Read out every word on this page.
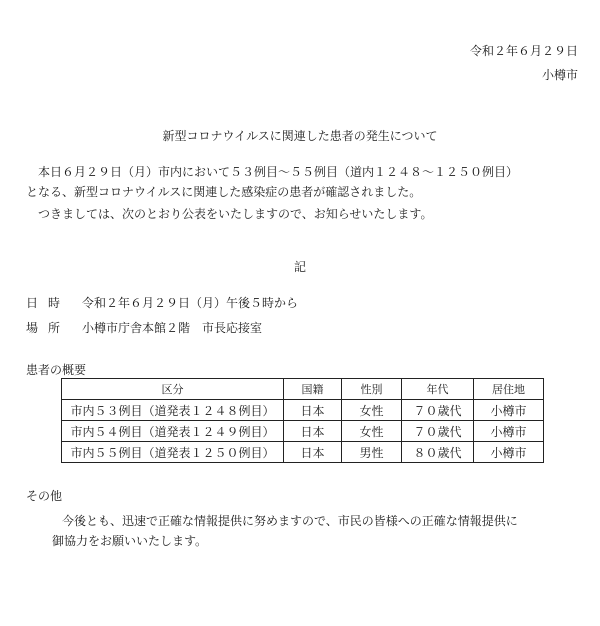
令和２年６月２９日
小樽市
新型コロナウイルスに関連した患者の発生について
本日６月２９日（月）市内において５３例目～５５例目（道内１２４８～１２５０例目）
となる、新型コロナウイルスに関連した感染症の患者が確認されました。
つきましては、次のとおり公表をいたしますので、お知らせいたします。
記
日時 令和２年６月２９日（月）午後５時から
場所 小樽市庁舎本館２階　市長応接室
患者の概要
区分	国籍	性別	年代	居住地
市内５３例目（道発表１２４８例目）	日本	女性	７０歳代	小樽市
市内５４例目（道発表１２４９例目）	日本	女性	７０歳代	小樽市
市内５５例目（道発表１２５０例目）	日本	男性	８０歳代	小樽市
その他
今後とも、迅速で正確な情報提供に努めますので、市民の皆様への正確な情報提供に
御協力をお願いいたします。
